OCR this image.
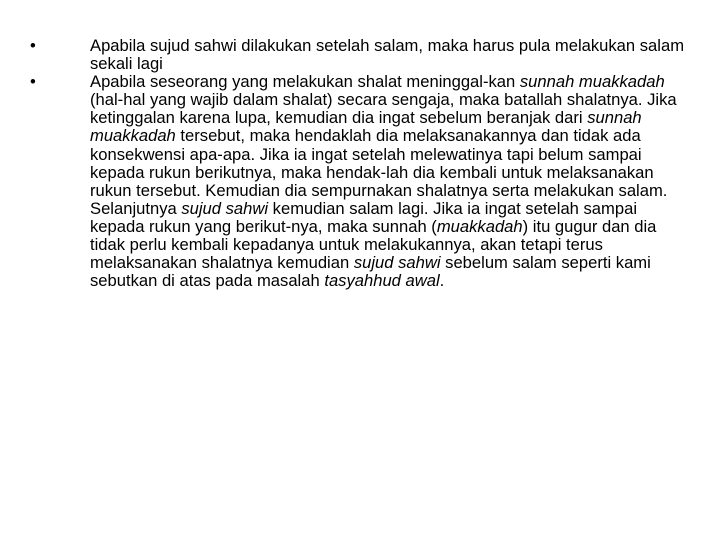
•	Apabila sujud sahwi dilakukan setelah salam, maka harus pula melakukan salam sekali lagi
•	Apabila seseorang yang melakukan shalat meninggal-kan sunnah muakkadah (hal-hal yang wajib dalam shalat) secara sengaja, maka batallah shalatnya. Jika ketinggalan karena lupa, kemudian dia ingat sebelum beranjak dari sunnah muakkadah tersebut, maka hendaklah dia melaksanakannya dan tidak ada konsekwensi apa-apa. Jika ia ingat setelah melewatinya tapi belum sampai kepada rukun berikutnya, maka hendak-lah dia kembali untuk melaksanakan rukun tersebut. Kemudian dia sempurnakan shalatnya serta melakukan salam. Selanjutnya sujud sahwi kemudian salam lagi. Jika ia ingat setelah sampai kepada rukun yang berikut-nya, maka sunnah (muakkadah) itu gugur dan dia tidak perlu kembali kepadanya untuk melakukannya, akan tetapi terus melaksanakan shalatnya kemudian sujud sahwi sebelum salam seperti kami sebutkan di atas pada masalah tasyahhud awal.
